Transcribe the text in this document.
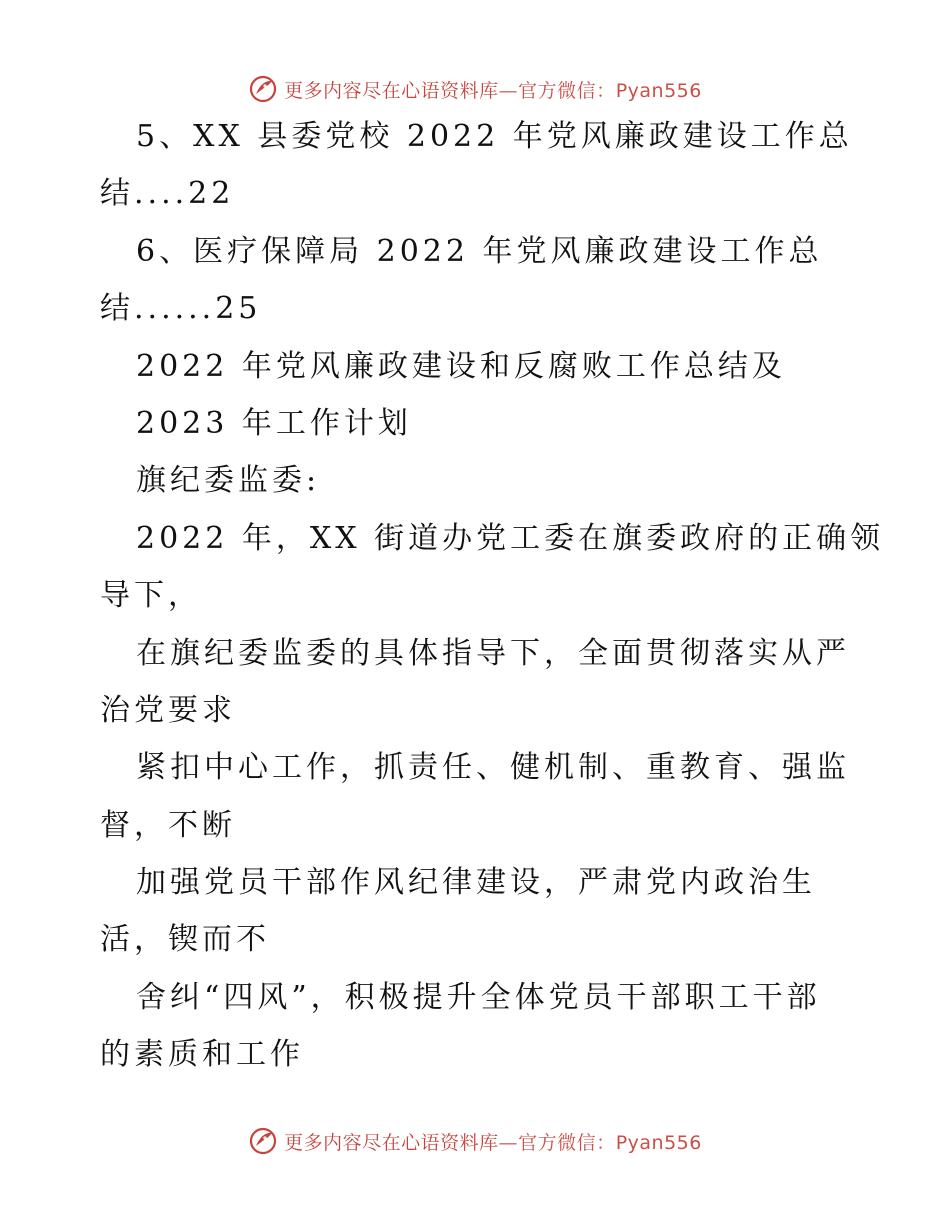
更多内容尽在心语资料库—官方微信：Pyan556
5、XX 县委党校 2022 年党风廉政建设工作总
结....22
6、医疗保障局 2022 年党风廉政建设工作总
结......25
2022 年党风廉政建设和反腐败工作总结及
2023 年工作计划
旗纪委监委:
2022 年，XX 街道办党工委在旗委政府的正确领
导下，
在旗纪委监委的具体指导下，全面贯彻落实从严
治党要求
紧扣中心工作，抓责任、健机制、重教育、强监
督，不断
加强党员干部作风纪律建设，严肃党内政治生
活，锲而不
舍纠“四风”，积极提升全体党员干部职工干部
的素质和工作
更多内容尽在心语资料库—官方微信：Pyan556
